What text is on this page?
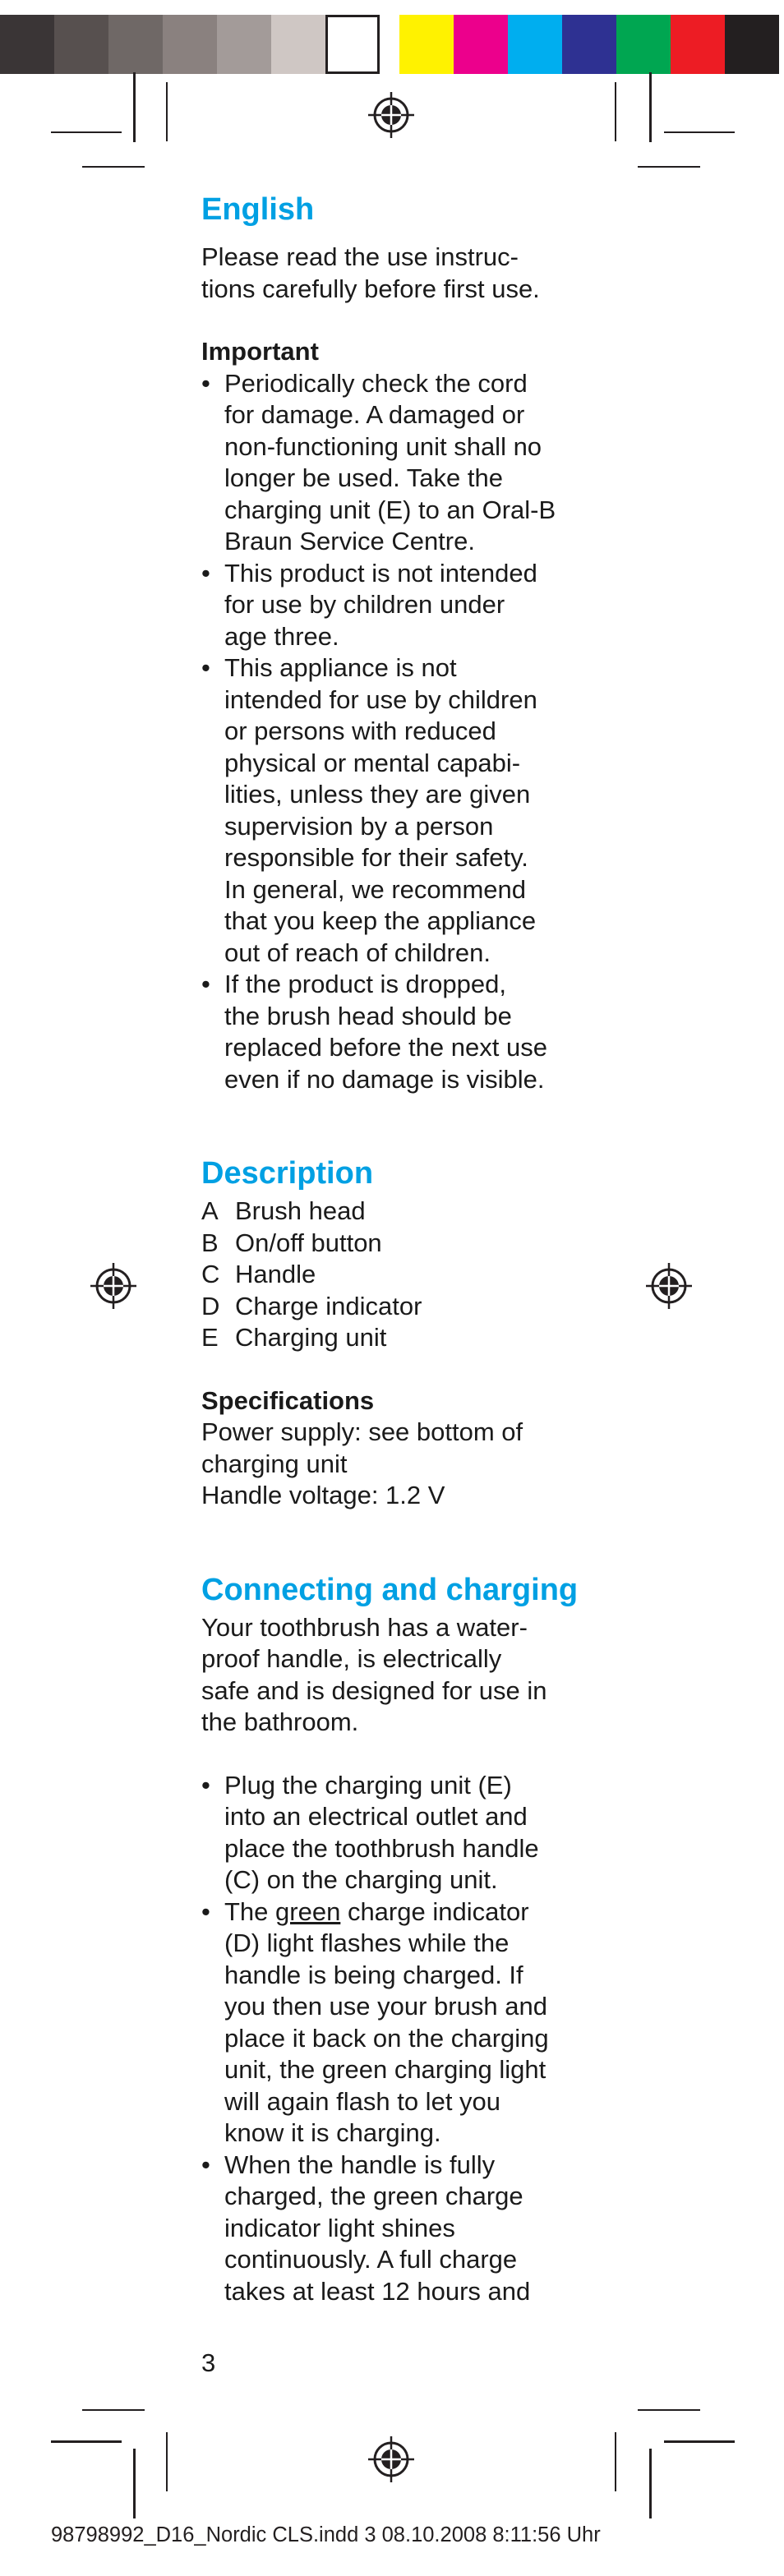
English

Please read the use instruc-
tions carefully before first use.

Important
• Periodically check the cord
for damage. A damaged or
non-functioning unit shall no
longer be used. Take the
charging unit (E) to an Oral-B
Braun Service Centre.
• This product is not intended
for use by children under
age three.
• This appliance is not
intended for use by children
or persons with reduced
physical or mental capabi-
lities, unless they are given
supervision by a person
responsible for their safety.
In general, we recommend
that you keep the appliance
out of reach of children.
• If the product is dropped,
the brush head should be
replaced before the next use
even if no damage is visible.
Description
A Brush head
B On/off button
C Handle
D Charge indicator
E Charging unit
Specifications

Power supply: see bottom of
charging unit
Handle voltage: 1.2 V

Connecting and charging

Your toothbrush has a water-
proof handle, is electrically
safe and is designed for use in
the bathroom.

• Plug the charging unit (E)
into an electrical outlet and
place the toothbrush handle
(C) on the charging unit.
• The green charge indicator
(D) light flashes while the
handle is being charged. If
you then use your brush and
place it back on the charging
unit, the green charging light
will again flash to let you
know it is charging.
• When the handle is fully
charged, the green charge
indicator light shines
continuously. A full charge
takes at least 12 hours and
3
98798992_D16_Nordic CLS.indd 3 08.10.2008 8:11:56 Uhr
